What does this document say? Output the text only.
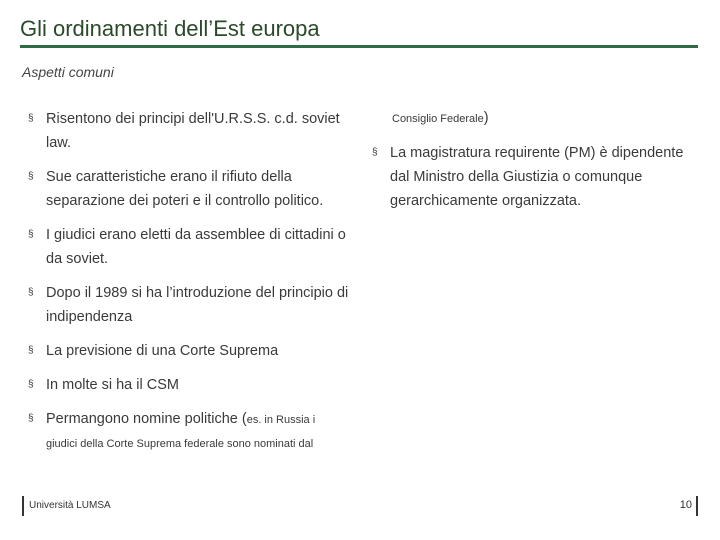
Gli ordinamenti dell’Est europa
Aspetti comuni
§ Risentono dei principi dell'U.R.S.S. c.d. soviet law.
§ Sue caratteristiche erano il rifiuto della separazione dei poteri e il controllo politico.
§ I giudici erano eletti da assemblee di cittadini o da soviet.
§ Dopo il 1989 si ha l’introduzione del principio di indipendenza
§ La previsione di una Corte Suprema
§ In molte si ha il CSM
§ Permangono nomine politiche (es. in Russia i
giudici della Corte Suprema federale sono nominati dal
Consiglio Federale)
§ La magistratura requirente (PM) è dipendente dal Ministro della Giustizia o comunque gerarchicamente organizzata.
Università LUMSA	10
